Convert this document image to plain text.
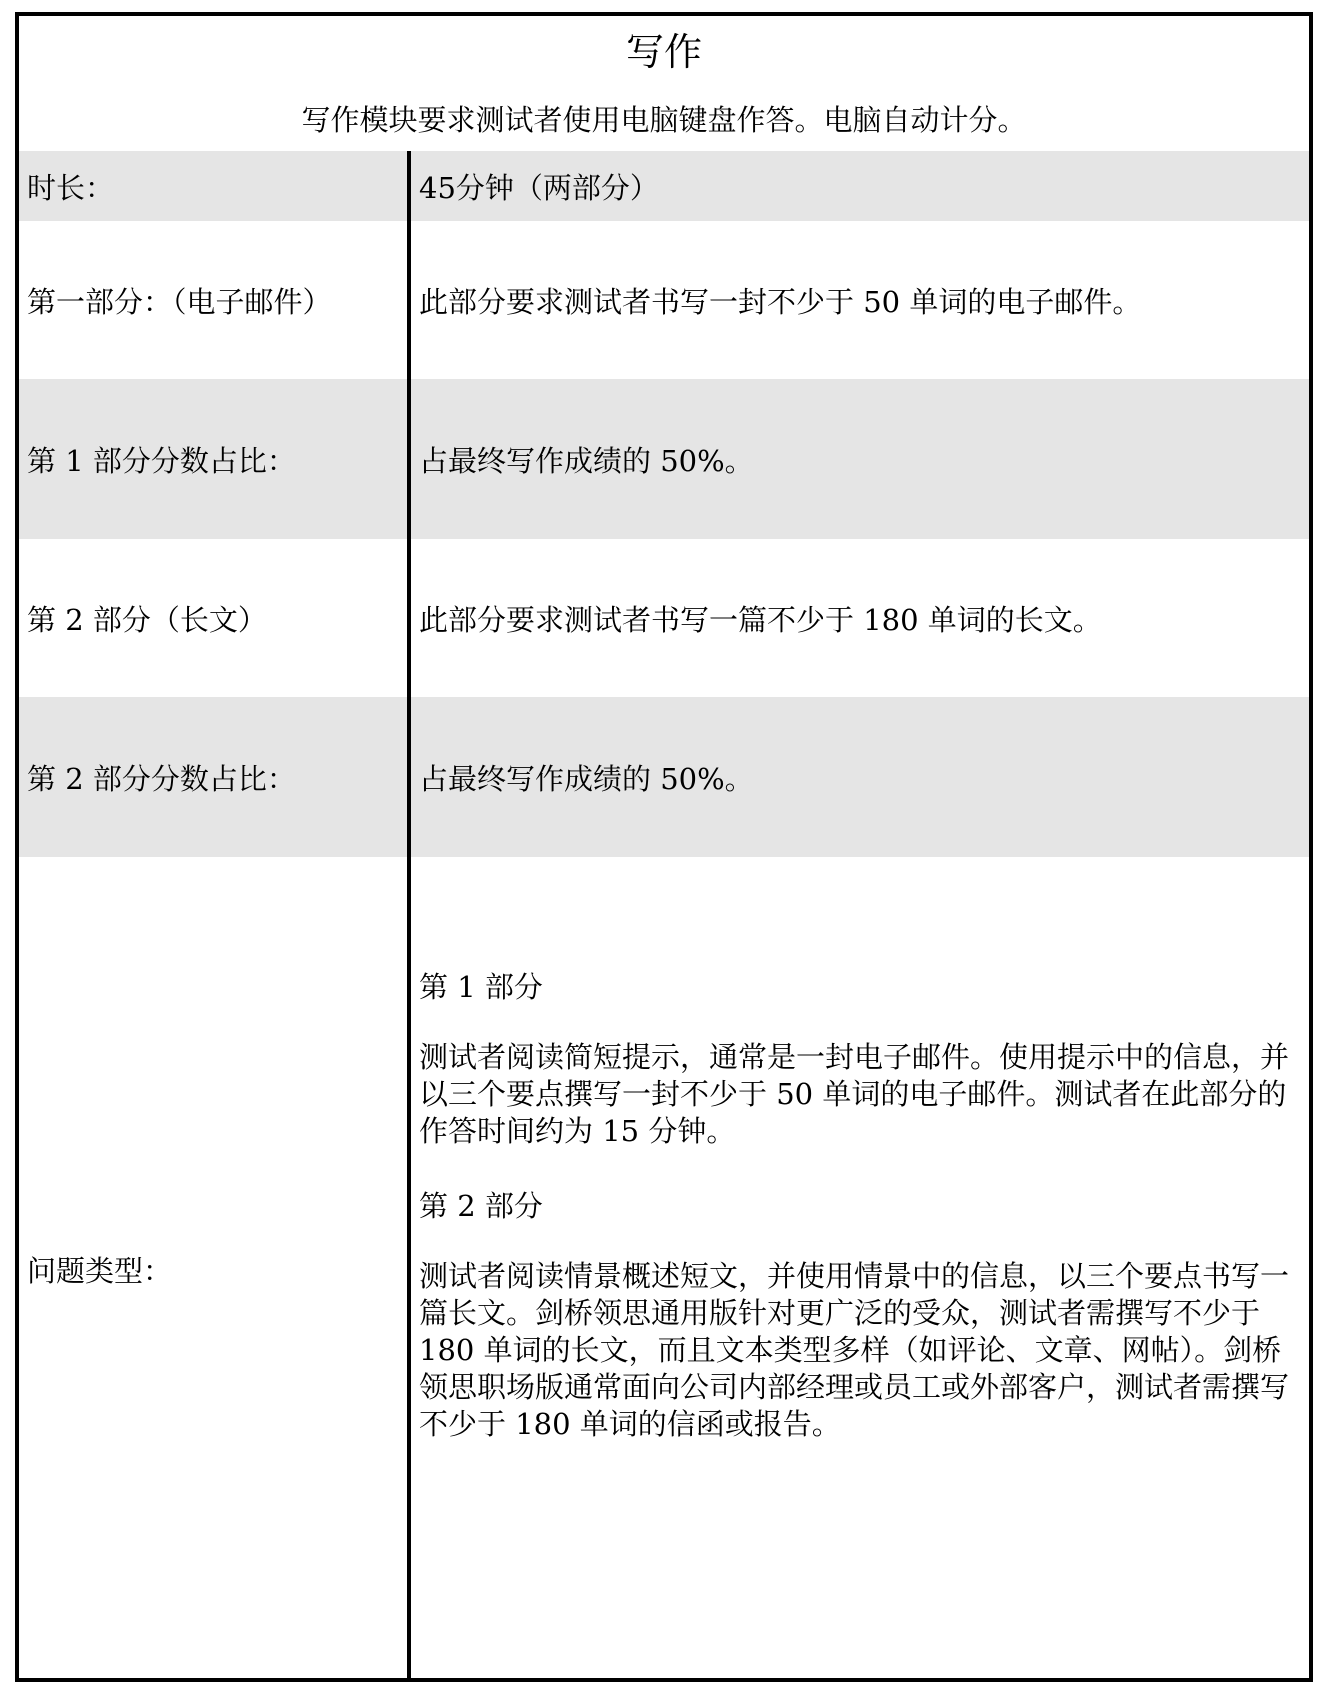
写作
写作模块要求测试者使用电脑键盘作答。电脑自动计分。
时长：	45分钟（两部分）
第一部分：（电子邮件）	此部分要求测试者书写一封不少于 50 单词的电子邮件。
第 1 部分分数占比：	占最终写作成绩的 50%。
第 2 部分（长文）	此部分要求测试者书写一篇不少于 180 单词的长文。
第 2 部分分数占比：	占最终写作成绩的 50%。
问题类型：

第 1 部分

测试者阅读简短提示，通常是一封电子邮件。使用提示中的信息，并以三个要点撰写一封不少于 50 单词的电子邮件。测试者在此部分的作答时间约为 15 分钟。

第 2 部分

测试者阅读情景概述短文，并使用情景中的信息，以三个要点书写一篇长文。剑桥领思通用版针对更广泛的受众，测试者需撰写不少于 180 单词的长文，而且文本类型多样（如评论、文章、网帖）。剑桥领思职场版通常面向公司内部经理或员工或外部客户，测试者需撰写不少于 180 单词的信函或报告。
